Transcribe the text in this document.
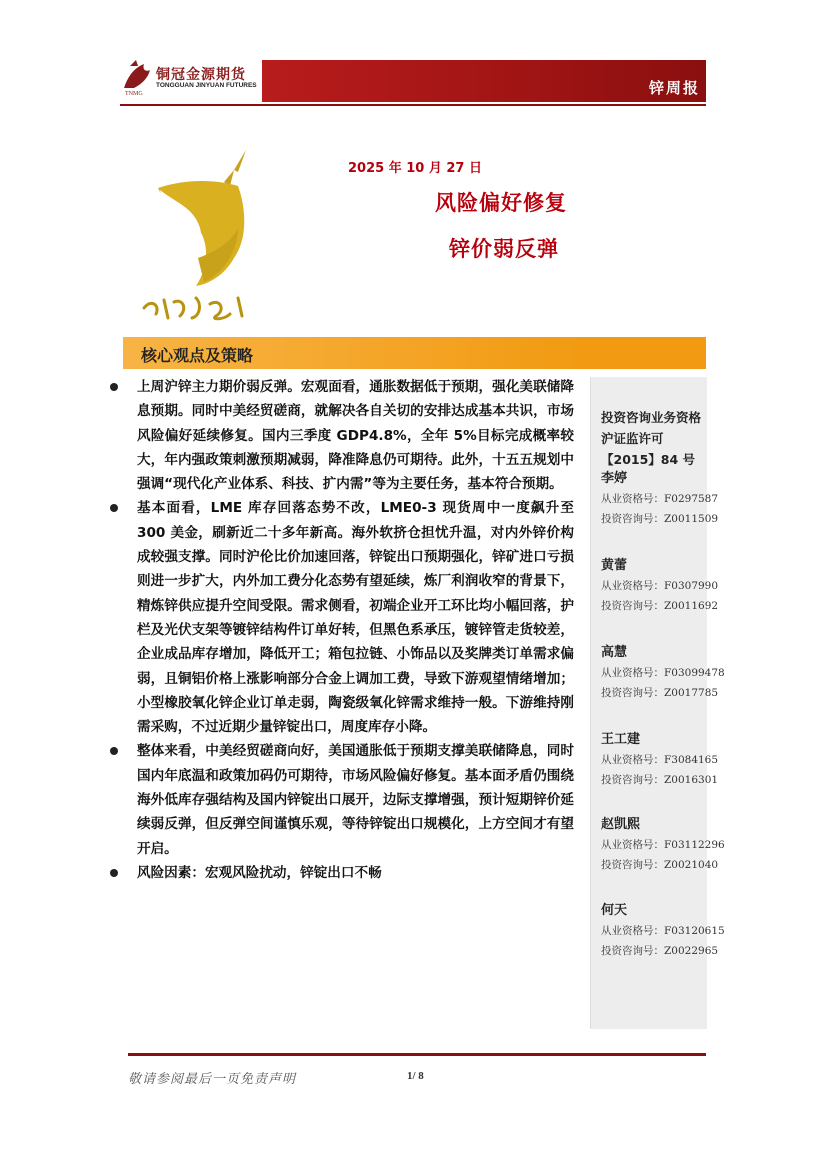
TNMG
铜冠金源期货
TONGGUAN JINYUAN FUTURES	锌周报
2025 年 10 月 27 日
风险偏好修复
锌价弱反弹
核心观点及策略

上周沪锌主力期价弱反弹。宏观面看，通胀数据低于预期，强化美联储降息预期。同时中美经贸磋商，就解决各自关切的安排达成基本共识，市场风险偏好延续修复。国内三季度 GDP4.8%，全年 5%目标完成概率较大，年内强政策刺激预期减弱，降准降息仍可期待。此外，十五五规划中强调“现代化产业体系、科技、扩内需”等为主要任务，基本符合预期。

基本面看，LME 库存回落态势不改，LME0-3 现货周中一度飙升至 300 美金，刷新近二十多年新高。海外软挤仓担忧升温，对内外锌价构成较强支撑。同时沪伦比价加速回落，锌锭出口预期强化，锌矿进口亏损则进一步扩大，内外加工费分化态势有望延续，炼厂利润收窄的背景下，精炼锌供应提升空间受限。需求侧看，初端企业开工环比均小幅回落，护栏及光伏支架等镀锌结构件订单好转，但黑色系承压，镀锌管走货较差，企业成品库存增加，降低开工；箱包拉链、小饰品以及奖牌类订单需求偏弱，且铜铝价格上涨影响部分合金上调加工费，导致下游观望情绪增加；小型橡胶氧化锌企业订单走弱，陶瓷级氧化锌需求维持一般。下游维持刚需采购，不过近期少量锌锭出口，周度库存小降。

整体来看，中美经贸磋商向好，美国通胀低于预期支撑美联储降息，同时国内年底温和政策加码仍可期待，市场风险偏好修复。基本面矛盾仍围绕海外低库存强结构及国内锌锭出口展开，边际支撑增强，预计短期锌价延续弱反弹，但反弹空间谨慎乐观，等待锌锭出口规模化，上方空间才有望开启。

风险因素：宏观风险扰动，锌锭出口不畅

投资咨询业务资格
沪证监许可【2015】84 号
李婷
从业资格号：F0297587
投资咨询号：Z0011509
黄蕾
从业资格号：F0307990
投资咨询号：Z0011692
高慧
从业资格号：F03099478
投资咨询号：Z0017785
王工建
从业资格号：F3084165
投资咨询号：Z0016301
赵凯熙
从业资格号：F03112296
投资咨询号：Z0021040
何天
从业资格号：F03120615
投资咨询号：Z0022965
敬请参阅最后一页免责声明	1/ 8
